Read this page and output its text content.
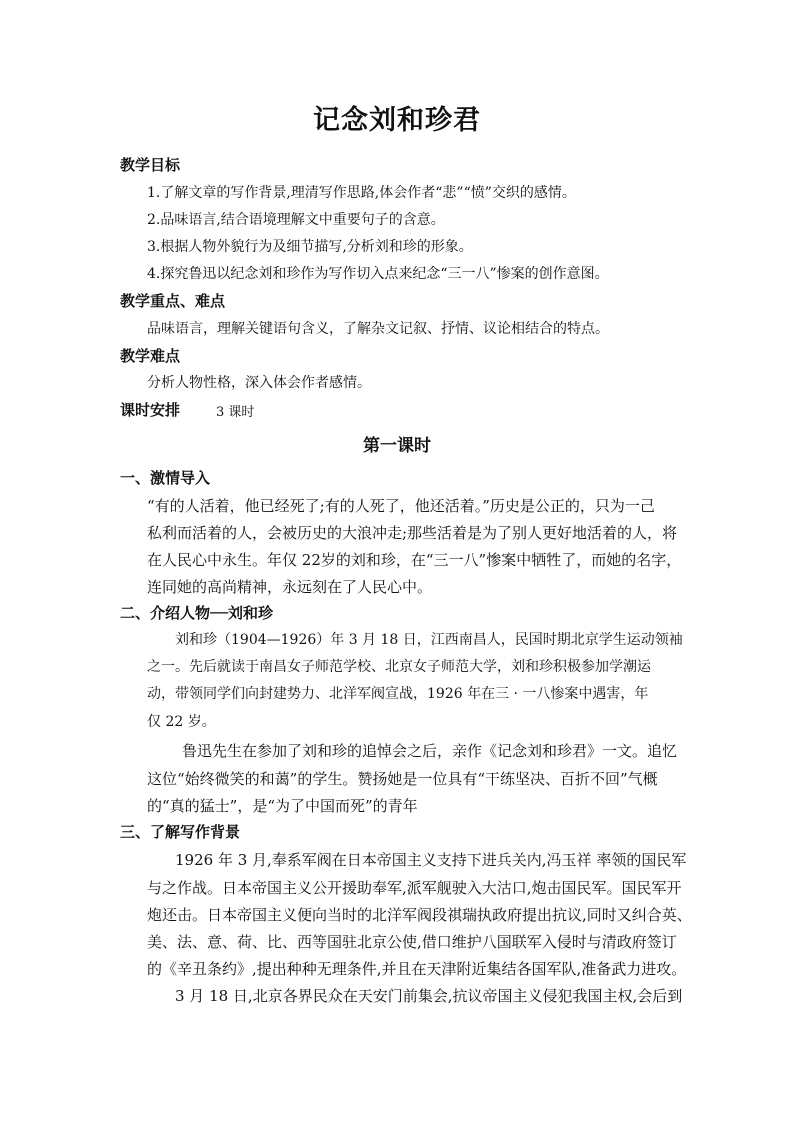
记念刘和珍君
教学目标
1.了解文章的写作背景,理清写作思路,体会作者“悲”“愤”交织的感情。
2.品味语言,结合语境理解文中重要句子的含意。
3.根据人物外貌行为及细节描写,分析刘和珍的形象。
4.探究鲁迅以纪念刘和珍作为写作切入点来纪念“三一八”惨案的创作意图。
教学重点、难点
品味语言，理解关键语句含义，了解杂文记叙、抒情、议论相结合的特点。
教学难点
分析人物性格，深入体会作者感情。
课时安排	3 课时
第一课时
一、激情导入
“有的人活着，他已经死了;有的人死了，他还活着。”历史是公正的，只为一己
私利而活着的人，会被历史的大浪冲走;那些活着是为了别人更好地活着的人，将
在人民心中永生。年仅 22岁的刘和珍，在“三一八”惨案中牺牲了，而她的名字，
连同她的高尚精神，永远刻在了人民心中。
二、介绍人物──刘和珍
刘和珍（1904—1926）年 3 月 18 日，江西南昌人，民国时期北京学生运动领袖
之一。先后就读于南昌女子师范学校、北京女子师范大学，刘和珍积极参加学潮运
动，带领同学们向封建势力、北洋军阀宣战，1926 年在三 · 一八惨案中遇害，年
仅 22 岁。
鲁迅先生在参加了刘和珍的追悼会之后，亲作《记念刘和珍君》一文。追忆
这位“始终微笑的和蔼”的学生。赞扬她是一位具有“干练坚决、百折不回”气概
的“真的猛士”，是“为了中国而死”的青年
三、了解写作背景
1926 年 3 月,奉系军阀在日本帝国主义支持下进兵关内,冯玉祥 率领的国民军
与之作战。日本帝国主义公开援助奉军,派军舰驶入大沽口,炮击国民军。国民军开
炮还击。日本帝国主义便向当时的北洋军阀段祺瑞执政府提出抗议,同时又纠合英、
美、法、意、荷、比、西等国驻北京公使,借口维护八国联军入侵时与清政府签订
的《辛丑条约》,提出种种无理条件,并且在天津附近集结各国军队,准备武力进攻。
3 月 18 日,北京各界民众在天安门前集会,抗议帝国主义侵犯我国主权,会后到
